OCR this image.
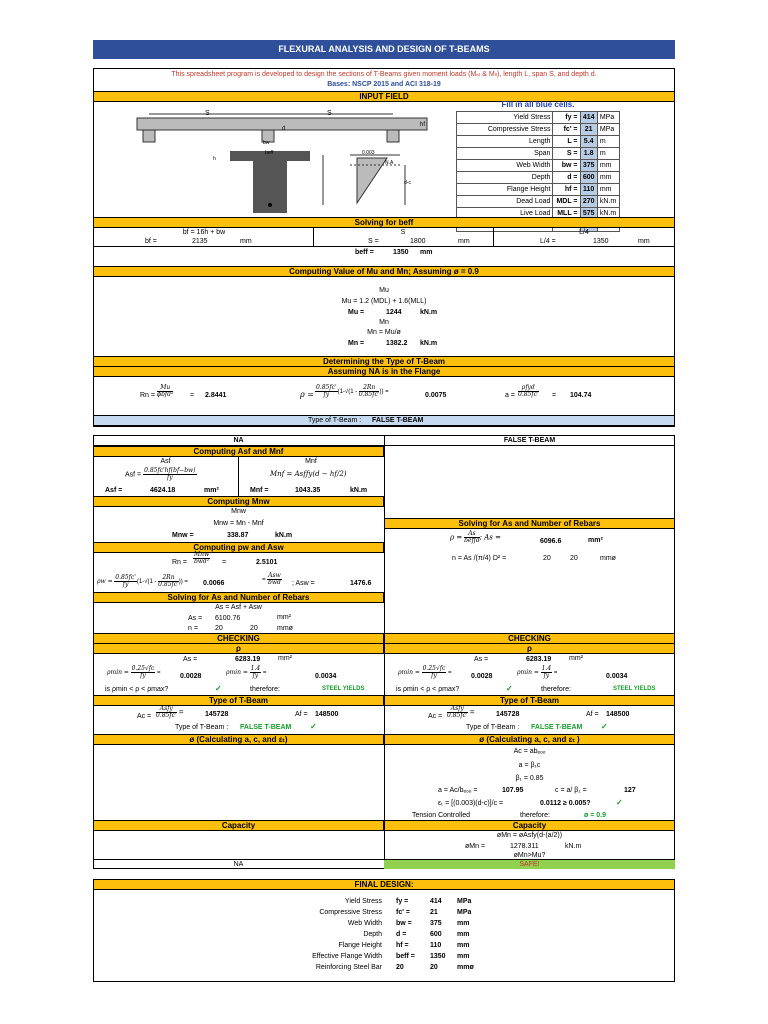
FLEXURAL ANALYSIS AND DESIGN OF T-BEAMS
This spreadsheet program is developed to design the sections of T-Beams given moment loads (Mₙₗ & Mₗₗ), length L, span S, and depth d.
Bases: NSCP 2015 and ACI 318-19
INPUT FIELD
S	S
hf
d
beff
h
bw
0.003
N.A
d-c
Fill in all blue cells.
Yield Stress	fy =	414	MPa
Compressive Stress	fc' =	21	MPa
Length	L =	5.4	m
Span	S =	1.8	m
Web Width	bw =	375	mm
Depth	d =	600	mm
Flange Height	hf =	110	mm
Dead Load	MDL =	270	kN.m
Live Load	MLL =	575	kN.m

Solving for beff
bf = 16h + bw
bf =	2135	mm
S
S =	1800	mm
L/4
L/4 =	1350	mm
beff =	1350 mm
Computing Value of Mu and Mn; Assuming ø = 0.9
Mu
Mu = 1.2 (MDL) + 1.6(MLL)
Mu =	1244	kN.m
Mn
Mn = Mu/ø
Mn =	1382.2 kN.m
Determining the Type of T-Beam
Assuming NA is in the Flange
$Rn = \frac{Mu}{\text{ϕbfd²}} = 2.8441$	$\rho = \frac{0.85fc'}{fy} (1-√(1 - \frac{2Rn}{0.85fc'}$ )) =	0.0075	$a = \frac{\text{ρfyd}}{0.85fc'} = 104.74$
Type of T-Beam : FALSE T-BEAM
NA	FALSE T-BEAM
Computing Asf and Mnf
Asf
Asf = $\frac{0.85fc'hf(bf-bw)}{fy}$
Asf =	4624.18	mm²
Mnf
Mnf = Asfƒy(d − hf/2)
Mnf =	1043.35	kN.m
Computing Mnw
Mnw
Mnw = Mn - Mnf
Mnw =	338.87	kN.m
Computing pw and Asw
$Rn = \frac{\text{Mnw}}{\text{bwd²}}$ =	2.5101
$\rho w = \frac{0.85fc'}{fy} (1-√(1 - \frac{2Rn}{0.85fc'}$ )) = 0.0066	= $\frac{\text{Asw}}{\text{bwd}}$ ; Asw =	1476.6
Solving for As and Number of Rebars
As = Asf + Asw
As = 6100.76	mm²
n = 20	20	mmø
Solving for As and Number of Rebars
$\rho = \frac{As}{\text{beffd}}$ ; As =
6096.6	mm²
n = As /(π/4) D² =	20	20	mmø
CHECKING	CHECKING
ρ	ρ
As =	6283.19	mm²
$\rho\min = \frac{0.25√fc}{fy}$ =	0.0028
$\rho\min = \frac{1.4}{fy}$ =	0.0034
is ρmin < ρ < ρmax?	✓	therefore:	STEEL YIELDS
As =	6283.19	mm²
$\rho\min = \frac{0.25√fc}{fy}$ =	0.0028
$\rho\min = \frac{1.4}{fy}$ =	0.0034
is ρmin < ρ < ρmax?	✓	therefore:	STEEL YIELDS
Type of T-Beam	Type of T-Beam
$Ac = \frac{\text{Asfy}}{0.85fc'}$ =	145728	Af = 148500
Type of T-Beam : FALSE T-BEAM ✓
$Ac = \frac{\text{Asfy}}{0.85fc'}$ =	145728	Af = 148500
Type of T-Beam : FALSE T-BEAM ✓
ø (Calculating a, c, and εₜ)	ø (Calculating a, c, and εₜ )
Ac = abₑₒₒ
a = β₁c
β₁ = 0.85
a = Ac/bₑₒₒ =	107.95	c = a/ β₁ =	127
εₜ = [(0.003)(d-c)]/c =	0.0112 ≥ 0.005?	✓
Tension Controlled	therefore:	ø = 0.9
Capacity	Capacity
øMn = øAsfy(d-(a/2))
øMn =	1278.311	kN.m
øMn>Mu?
NA	SAFE!
FINAL DESIGN:
Yield Stress fy =	414 MPa
Compressive Stress fc' =	21	MPa
Web Width bw =	375 mm
Depth d =	600 mm
Flange Height hf =	110 mm
Effective Flange Width beff = 1350 mm
Reinforcing Steel Bar 20	20	mmø
